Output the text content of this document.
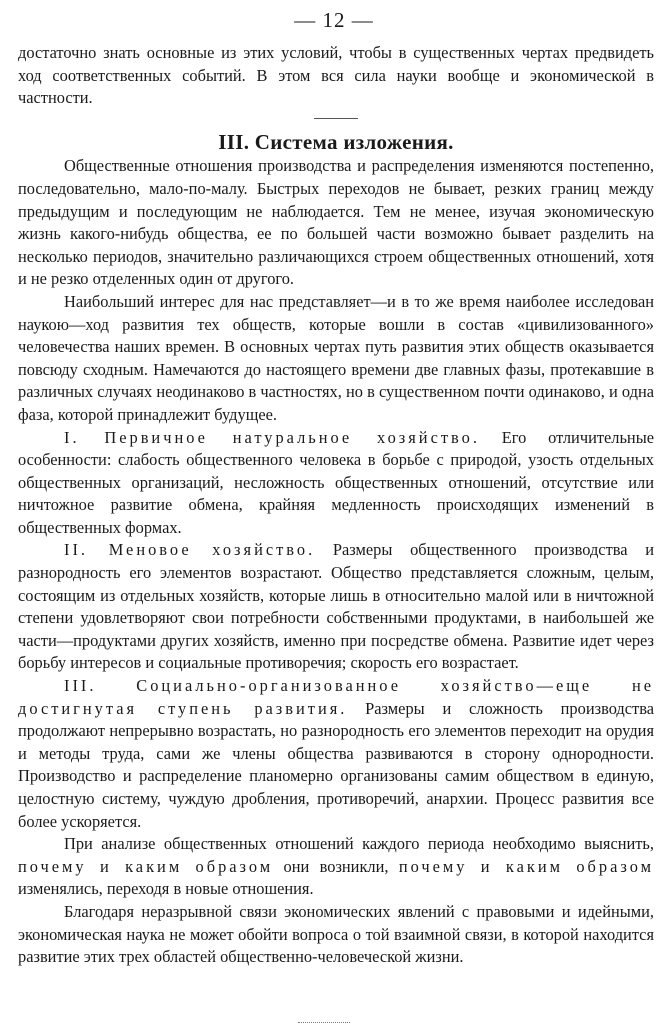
— 12 —

достаточно знать основные из этих условий, чтобы в существенных чертах предвидеть ход соответственных событий. В этом вся сила науки вообще и экономической в частности.

III. Система изложения.

Общественные отношения производства и распределения изменяются постепенно, последовательно, мало-по-малу. Быстрых переходов не бывает, резких границ между предыдущим и последующим не наблюдается. Тем не менее, изучая экономическую жизнь какого-нибудь общества, ее по большей части возможно бывает разделить на несколько периодов, значительно различающихся строем общественных отношений, хотя и не резко отделенных один от другого.

Наибольший интерес для нас представляет—и в то же время наиболее исследован наукою—ход развития тех обществ, которые вошли в состав «цивилизованного» человечества наших времен. В основных чертах путь развития этих обществ оказывается повсюду сходным. Намечаются до настоящего времени две главных фазы, протекавшие в различных случаях неодинаково в частностях, но в существенном почти одинаково, и одна фаза, которой принадлежит будущее.

I. Первичное натуральное хозяйство. Его отличительные особенности: слабость общественного человека в борьбе с природой, узость отдельных общественных организаций, несложность общественных отношений, отсутствие или ничтожное развитие обмена, крайняя медленность происходящих изменений в общественных формах.

II. Меновое хозяйство. Размеры общественного производства и разнородность его элементов возрастают. Общество представляется сложным, целым, состоящим из отдельных хозяйств, которые лишь в относительно малой или в ничтожной степени удовлетворяют свои потребности собственными продуктами, в наибольшей же части—продуктами других хозяйств, именно при посредстве обмена. Развитие идет через борьбу интересов и социальные противоречия; скорость его возрастает.

III. Социально-организованное хозяйство—еще не достигнутая ступень развития. Размеры и сложность производства продолжают непрерывно возрастать, но разнородность его элементов переходит на орудия и методы труда, сами же члены общества развиваются в сторону однородности. Производство и распределение планомерно организованы самим обществом в единую, целостную систему, чуждую дробления, противоречий, анархии. Процесс развития все более ускоряется.

При анализе общественных отношений каждого периода необходимо выяснить, почему и каким образом они возникли, почему и каким образом изменялись, переходя в новые отношения.

Благодаря неразрывной связи экономических явлений с правовыми и идейными, экономическая наука не может обойти вопроса о той взаимной связи, в которой находится развитие этих трех областей общественно-человеческой жизни.
